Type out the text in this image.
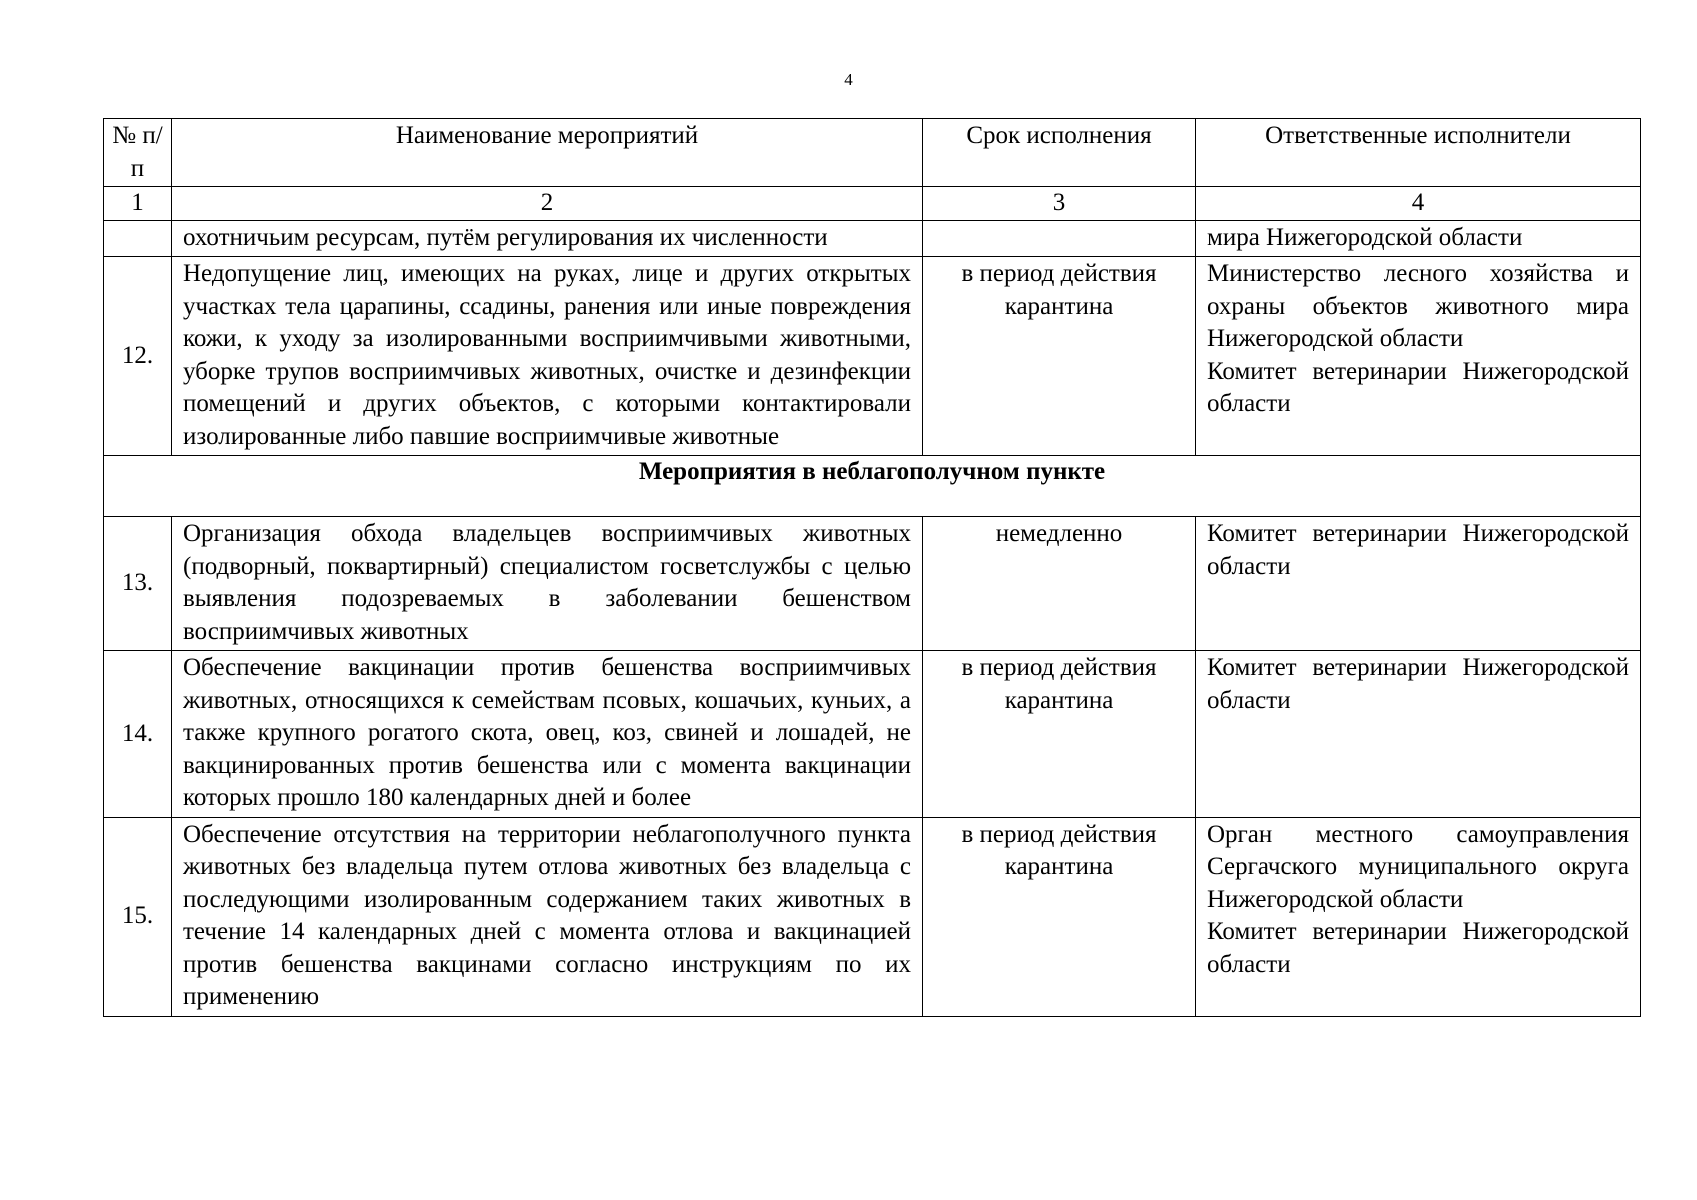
4
№ п/п	Наименование мероприятий	Срок исполнения	Ответственные исполнители
1	2	3	4
	охотничьим ресурсам, путём регулирования их численности		мира Нижегородской области
12.	Недопущение лиц, имеющих на руках, лице и других открытых участках тела царапины, ссадины, ранения или иные повреждения кожи, к уходу за изолированными восприимчивыми животными, уборке трупов восприимчивых животных, очистке и дезинфекции помещений и других объектов, с которыми контактировали изолированные либо павшие восприимчивые животные	в период действия карантина	Министерство лесного хозяйства и охраны объектов животного мира Нижегородской области
Комитет ветеринарии Нижегородской области

Мероприятия в неблагополучном пункте			
13.	Организация обхода владельцев восприимчивых животных (подворный, поквартирный) специалистом госветслужбы с целью выявления подозреваемых в заболевании бешенством восприимчивых животных	немедленно	Комитет ветеринарии Нижегородской области

14.	Обеспечение вакцинации против бешенства восприимчивых животных, относящихся к семействам псовых, кошачьих, куньих, а также крупного рогатого скота, овец, коз, свиней и лошадей, не вакцинированных против бешенства или с момента вакцинации которых прошло 180 календарных дней и более	в период действия карантина	Комитет ветеринарии Нижегородской области

15.	Обеспечение отсутствия на территории неблагополучного пункта животных без владельца путем отлова животных без владельца с последующими изолированным содержанием таких животных в течение 14 календарных дней с момента отлова и вакцинацией против бешенства вакцинами согласно инструкциям по их применению	в период действия карантина	Орган местного самоуправления Сергачского муниципального округа Нижегородской области
Комитет ветеринарии Нижегородской области
